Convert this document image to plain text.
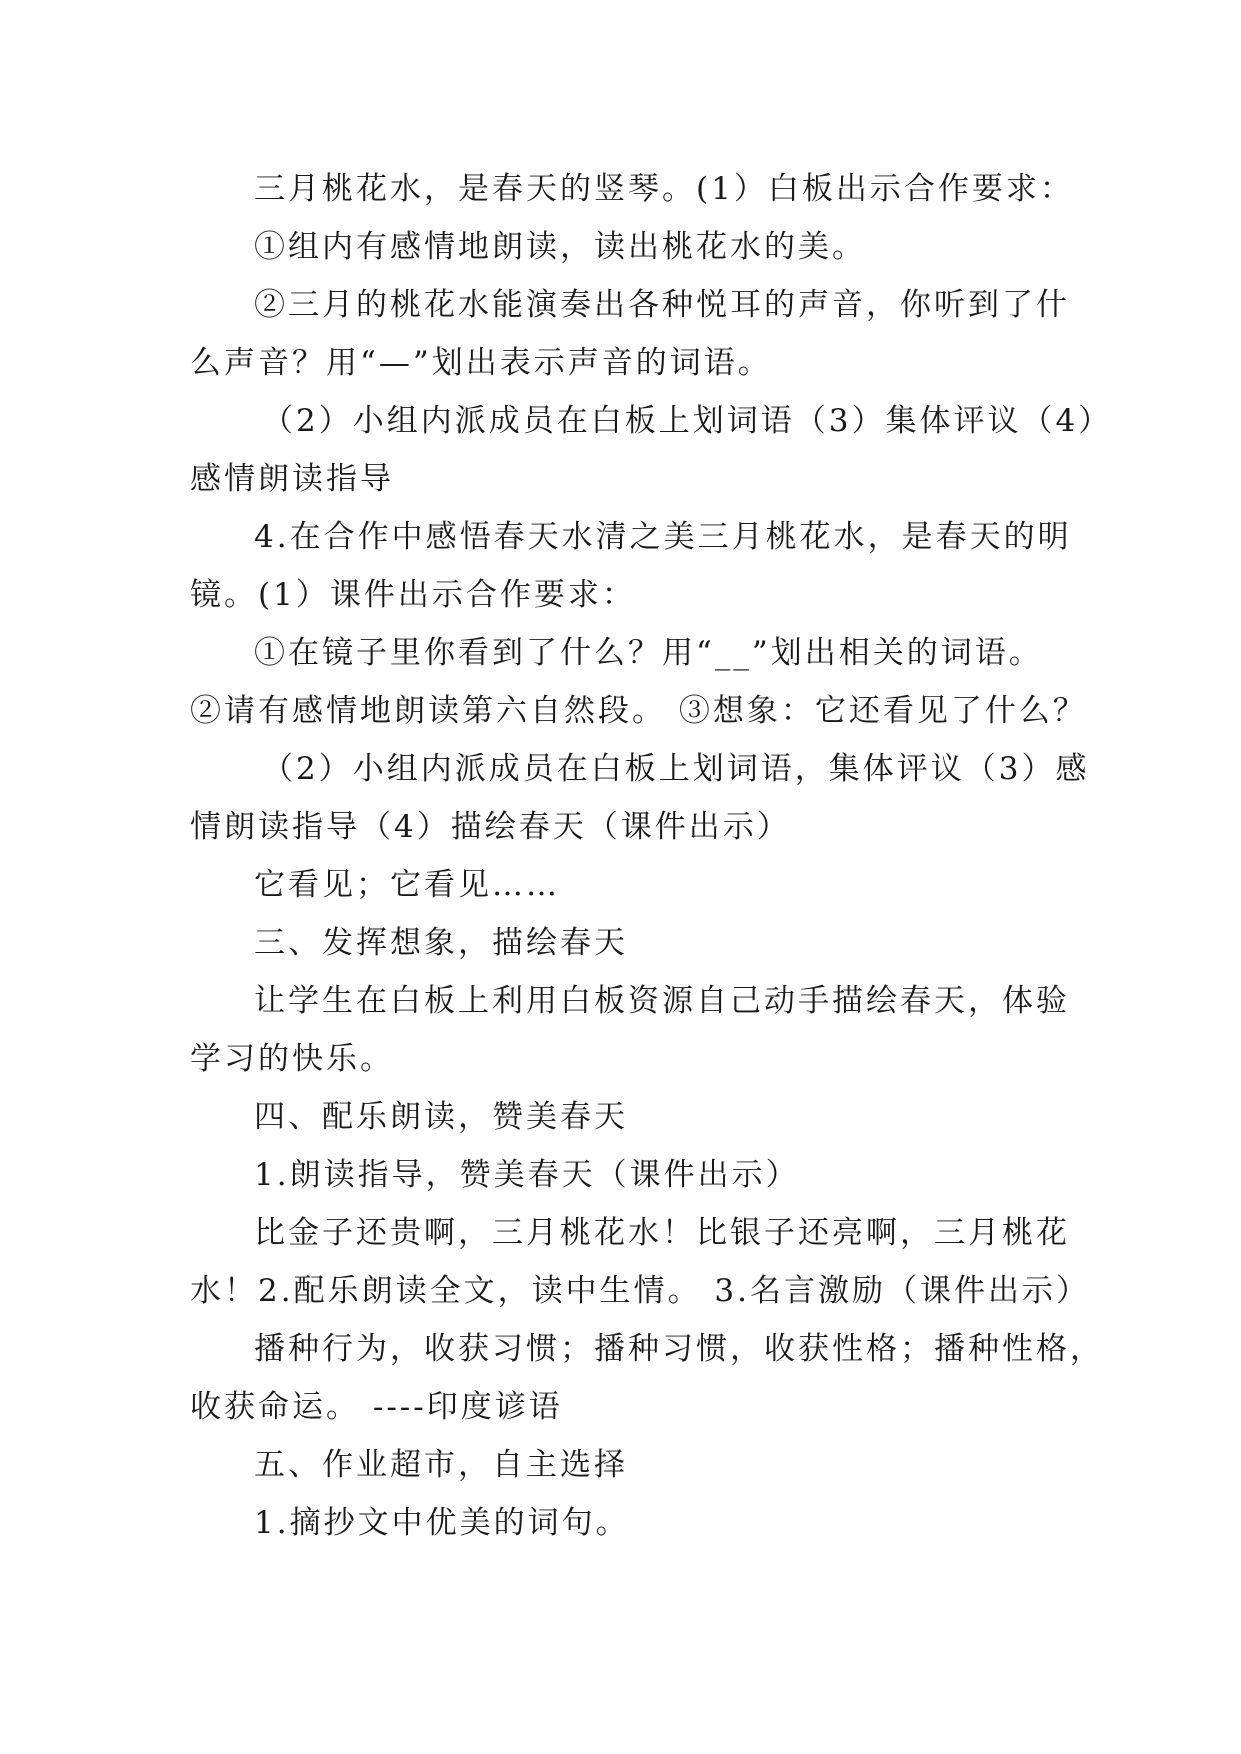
三月桃花水，是春天的竖琴。(1）白板出示合作要求：
①组内有感情地朗读，读出桃花水的美。
②三月的桃花水能演奏出各种悦耳的声音，你听到了什
么声音？用“—”划出表示声音的词语。
（2）小组内派成员在白板上划词语（3）集体评议（4）
感情朗读指导
4.在合作中感悟春天水清之美三月桃花水，是春天的明
镜。(1）课件出示合作要求：
①在镜子里你看到了什么？用“__”划出相关的词语。
②请有感情地朗读第六自然段。 ③想象：它还看见了什么？
（2）小组内派成员在白板上划词语，集体评议（3）感
情朗读指导（4）描绘春天（课件出示）
它看见；它看见……
三、发挥想象，描绘春天
让学生在白板上利用白板资源自己动手描绘春天，体验
学习的快乐。
四、配乐朗读，赞美春天
1.朗读指导，赞美春天（课件出示）
比金子还贵啊，三月桃花水！比银子还亮啊，三月桃花
水！2.配乐朗读全文，读中生情。 3.名言激励（课件出示）
播种行为，收获习惯；播种习惯，收获性格；播种性格，
收获命运。 ----印度谚语
五、作业超市，自主选择
1.摘抄文中优美的词句。
